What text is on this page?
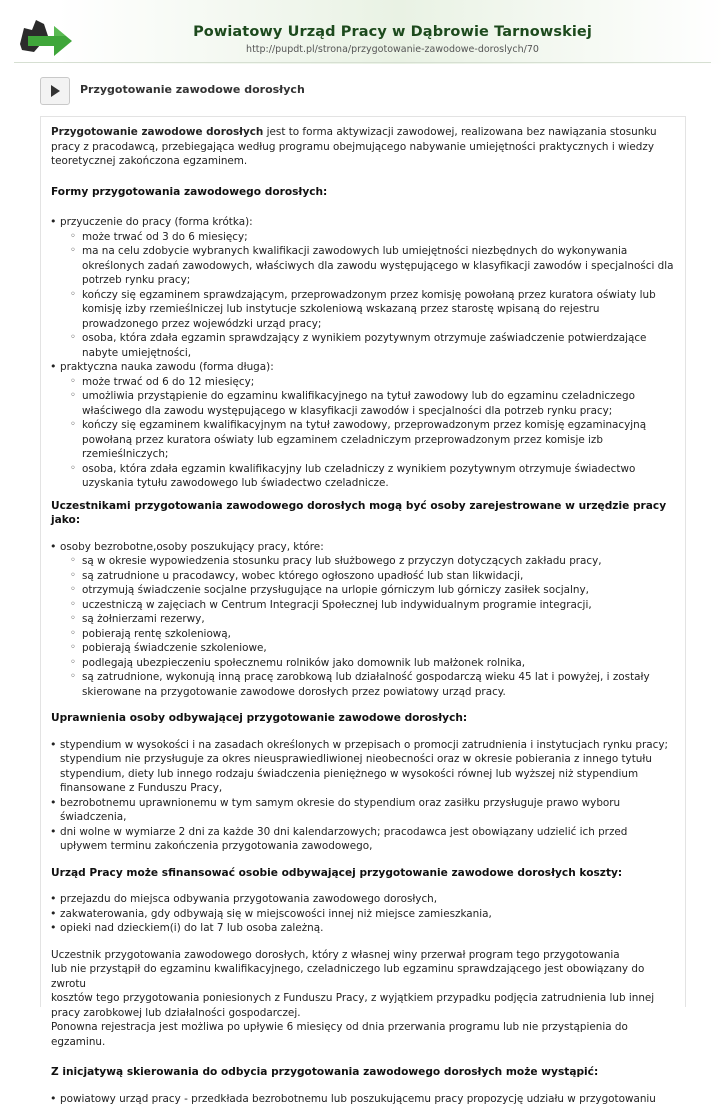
Powiatowy Urząd Pracy w Dąbrowie Tarnowskiej
http://pupdt.pl/strona/przygotowanie-zawodowe-doroslych/70
Przygotowanie zawodowe dorosłych

Przygotowanie zawodowe dorosłych jest to forma aktywizacji zawodowej, realizowana bez nawiązania stosunku pracy z pracodawcą, przebiegająca według programu obejmującego nabywanie umiejętności praktycznych i wiedzy teoretycznej zakończona egzaminem.

Formy przygotowania zawodowego dorosłych:
• przyuczenie do pracy (forma krótka):
◦ może trwać od 3 do 6 miesięcy;
◦ ma na celu zdobycie wybranych kwalifikacji zawodowych lub umiejętności niezbędnych do wykonywania określonych zadań zawodowych, właściwych dla zawodu występującego w klasyfikacji zawodów i specjalności dla potrzeb rynku pracy;
◦ kończy się egzaminem sprawdzającym, przeprowadzonym przez komisję powołaną przez kuratora oświaty lub komisję izby rzemieślniczej lub instytucje szkoleniową wskazaną przez starostę wpisaną do rejestru prowadzonego przez wojewódzki urząd pracy;
◦ osoba, która zdała egzamin sprawdzający z wynikiem pozytywnym otrzymuje zaświadczenie potwierdzające nabyte umiejętności,
• praktyczna nauka zawodu (forma długa):
◦ może trwać od 6 do 12 miesięcy;
◦ umożliwia przystąpienie do egzaminu kwalifikacyjnego na tytuł zawodowy lub do egzaminu czeladniczego właściwego dla zawodu występującego w klasyfikacji zawodów i specjalności dla potrzeb rynku pracy;
◦ kończy się egzaminem kwalifikacyjnym na tytuł zawodowy, przeprowadzonym przez komisję egzaminacyjną powołaną przez kuratora oświaty lub egzaminem czeladniczym przeprowadzonym przez komisje izb rzemieślniczych;
◦ osoba, która zdała egzamin kwalifikacyjny lub czeladniczy z wynikiem pozytywnym otrzymuje świadectwo uzyskania tytułu zawodowego lub świadectwo czeladnicze.
Uczestnikami przygotowania zawodowego dorosłych mogą być osoby zarejestrowane w urzędzie pracy jako:
• osoby bezrobotne,osoby poszukujący pracy, które:
◦ są w okresie wypowiedzenia stosunku pracy lub służbowego z przyczyn dotyczących zakładu pracy,
◦ są zatrudnione u pracodawcy, wobec którego ogłoszono upadłość lub stan likwidacji,
◦ otrzymują świadczenie socjalne przysługujące na urlopie górniczym lub górniczy zasiłek socjalny,
◦ uczestniczą w zajęciach w Centrum Integracji Społecznej lub indywidualnym programie integracji,
◦ są żołnierzami rezerwy,
◦ pobierają rentę szkoleniową,
◦ pobierają świadczenie szkoleniowe,
◦ podlegają ubezpieczeniu społecznemu rolników jako domownik lub małżonek rolnika,
◦ są zatrudnione, wykonują inną pracę zarobkową lub działalność gospodarczą wieku 45 lat i powyżej, i zostały skierowane na przygotowanie zawodowe dorosłych przez powiatowy urząd pracy.
Uprawnienia osoby odbywającej przygotowanie zawodowe dorosłych:
• stypendium w wysokości i na zasadach określonych w przepisach o promocji zatrudnienia i instytucjach rynku pracy; stypendium nie przysługuje za okres nieusprawiedliwionej nieobecności oraz w okresie pobierania z innego tytułu stypendium, diety lub innego rodzaju świadczenia pieniężnego w wysokości równej lub wyższej niż stypendium finansowane z Funduszu Pracy,
• bezrobotnemu uprawnionemu w tym samym okresie do stypendium oraz zasiłku przysługuje prawo wyboru świadczenia,
• dni wolne w wymiarze 2 dni za każde 30 dni kalendarzowych; pracodawca jest obowiązany udzielić ich przed upływem terminu zakończenia przygotowania zawodowego,
Urząd Pracy może sfinansować osobie odbywającej przygotowanie zawodowe dorosłych koszty:
• przejazdu do miejsca odbywania przygotowania zawodowego dorosłych,
• zakwaterowania, gdy odbywają się w miejscowości innej niż miejsce zamieszkania,
• opieki nad dzieckiem(i) do lat 7 lub osoba zależną.

Uczestnik przygotowania zawodowego dorosłych, który z własnej winy przerwał program tego przygotowania
lub nie przystąpił do egzaminu kwalifikacyjnego, czeladniczego lub egzaminu sprawdzającego jest obowiązany do zwrotu
kosztów tego przygotowania poniesionych z Funduszu Pracy, z wyjątkiem przypadku podjęcia zatrudnienia lub innej
pracy zarobkowej lub działalności gospodarczej.
Ponowna rejestracja jest możliwa po upływie 6 miesięcy od dnia przerwania programu lub nie przystąpienia do egzaminu.

Z inicjatywą skierowania do odbycia przygotowania zawodowego dorosłych może wystąpić:
• powiatowy urząd pracy - przedkłada bezrobotnemu lub poszukującemu pracy propozycję udziału w przygotowaniu
